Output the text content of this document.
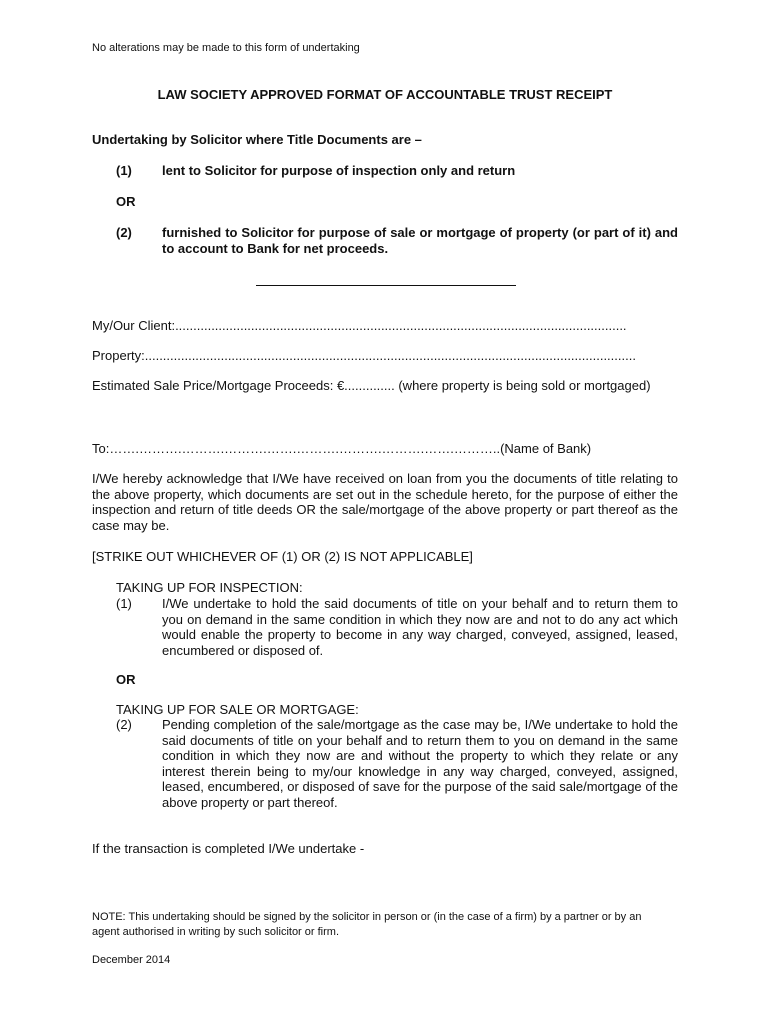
No alterations may be made to this form of undertaking
LAW SOCIETY APPROVED FORMAT OF ACCOUNTABLE TRUST RECEIPT
Undertaking by Solicitor where Title Documents are –
(1) lent to Solicitor for purpose of inspection only and return
OR
(2) furnished to Solicitor for purpose of sale or mortgage of property (or part of it) and to account to Bank for net proceeds.
My/Our Client:.............................................................................................................................
Property:........................................................................................................................................
Estimated Sale Price/Mortgage Proceeds: €.............. (where property is being sold or mortgaged)
To:…….……….……….……….…….……….……….……….…….………..(Name of Bank)
I/We hereby acknowledge that I/We have received on loan from you the documents of title relating to the above property, which documents are set out in the schedule hereto, for the purpose of either the inspection and return of title deeds OR the sale/mortgage of the above property or part thereof as the case may be.
[STRIKE OUT WHICHEVER OF (1) OR (2) IS NOT APPLICABLE]
TAKING UP FOR INSPECTION:
(1) I/We undertake to hold the said documents of title on your behalf and to return them to you on demand in the same condition in which they now are and not to do any act which would enable the property to become in any way charged, conveyed, assigned, leased, encumbered or disposed of.
OR
TAKING UP FOR SALE OR MORTGAGE:
(2) Pending completion of the sale/mortgage as the case may be, I/We undertake to hold the said documents of title on your behalf and to return them to you on demand in the same condition in which they now are and without the property to which they relate or any interest therein being to my/our knowledge in any way charged, conveyed, assigned, leased, encumbered, or disposed of save for the purpose of the said sale/mortgage of the above property or part thereof.
If the transaction is completed I/We undertake -
NOTE: This undertaking should be signed by the solicitor in person or (in the case of a firm) by a partner or by an agent authorised in writing by such solicitor or firm.
December 2014
